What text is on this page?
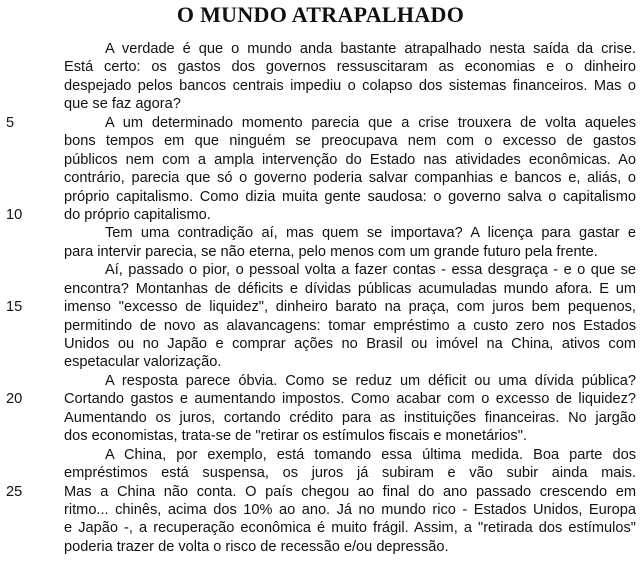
O MUNDO ATRAPALHADO
A verdade é que o mundo anda bastante atrapalhado nesta saída da crise.
Está certo: os gastos dos governos ressuscitaram as economias e o dinheiro
despejado pelos bancos centrais impediu o colapso dos sistemas financeiros. Mas o
que se faz agora?
5	A um determinado momento parecia que a crise trouxera de volta aqueles
bons tempos em que ninguém se preocupava nem com o excesso de gastos
públicos nem com a ampla intervenção do Estado nas atividades econômicas. Ao
contrário, parecia que só o governo poderia salvar companhias e bancos e, aliás, o
próprio capitalismo. Como dizia muita gente saudosa: o governo salva o capitalismo
10	do próprio capitalismo.
Tem uma contradição aí, mas quem se importava? A licença para gastar e
para intervir parecia, se não eterna, pelo menos com um grande futuro pela frente.
Aí, passado o pior, o pessoal volta a fazer contas - essa desgraça - e o que se
encontra? Montanhas de déficits e dívidas públicas acumuladas mundo afora. E um
15	imenso "excesso de liquidez", dinheiro barato na praça, com juros bem pequenos,
permitindo de novo as alavancagens: tomar empréstimo a custo zero nos Estados
Unidos ou no Japão e comprar ações no Brasil ou imóvel na China, ativos com
espetacular valorização.
A resposta parece óbvia. Como se reduz um déficit ou uma dívida pública?
20	Cortando gastos e aumentando impostos. Como acabar com o excesso de liquidez?
Aumentando os juros, cortando crédito para as instituições financeiras. No jargão
dos economistas, trata-se de "retirar os estímulos fiscais e monetários".
A China, por exemplo, está tomando essa última medida. Boa parte dos
empréstimos está suspensa, os juros já subiram e vão subir ainda mais.
25	Mas a China não conta. O país chegou ao final do ano passado crescendo em
ritmo... chinês, acima dos 10% ao ano. Já no mundo rico - Estados Unidos, Europa
e Japão -, a recuperação econômica é muito frágil. Assim, a "retirada dos estímulos"
poderia trazer de volta o risco de recessão e/ou depressão.
